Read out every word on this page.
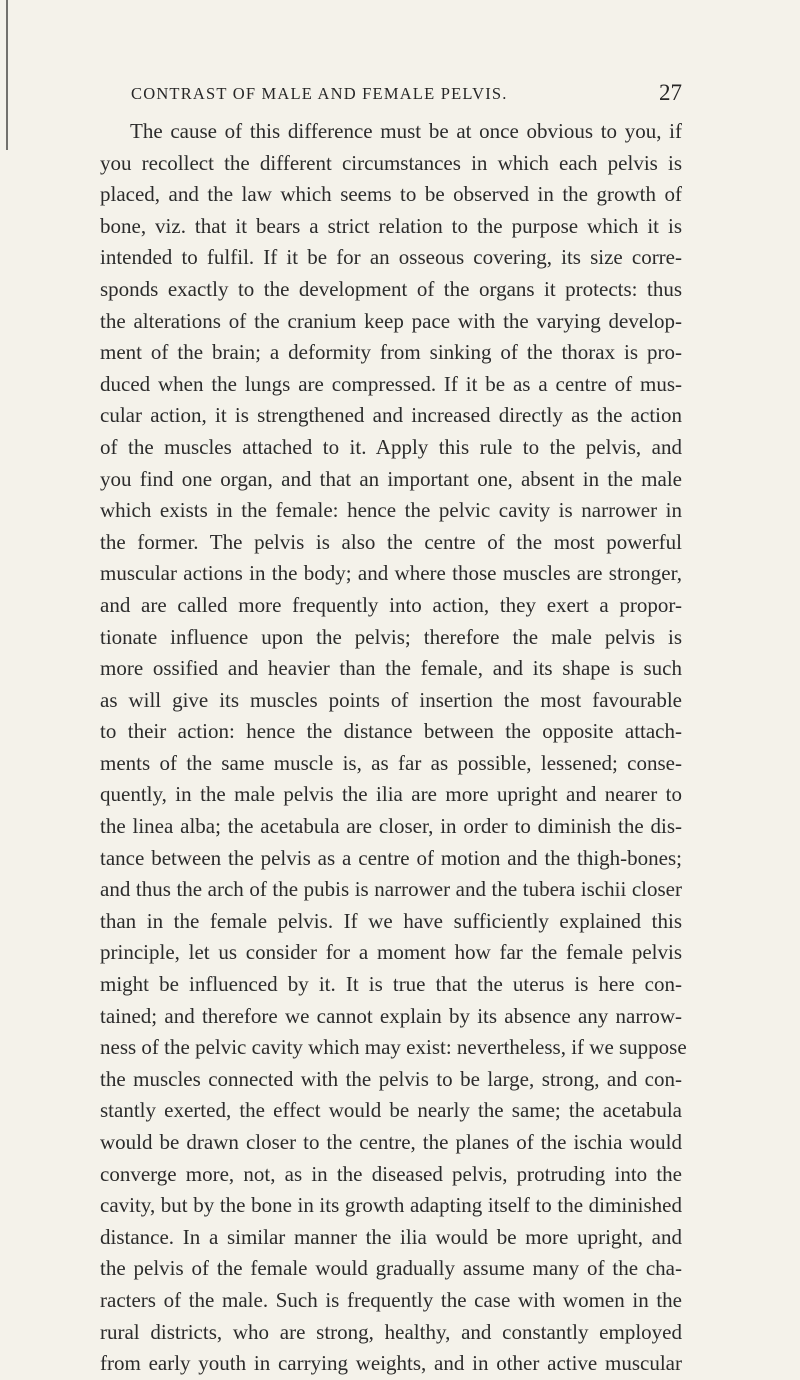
CONTRAST OF MALE AND FEMALE PELVIS.	27
The cause of this difference must be at once obvious to you, if
you recollect the different circumstances in which each pelvis is
placed, and the law which seems to be observed in the growth of
bone, viz. that it bears a strict relation to the purpose which it is
intended to fulfil. If it be for an osseous covering, its size corre-
sponds exactly to the development of the organs it protects: thus
the alterations of the cranium keep pace with the varying develop-
ment of the brain; a deformity from sinking of the thorax is pro-
duced when the lungs are compressed. If it be as a centre of mus-
cular action, it is strengthened and increased directly as the action
of the muscles attached to it. Apply this rule to the pelvis, and
you find one organ, and that an important one, absent in the male
which exists in the female: hence the pelvic cavity is narrower in
the former. The pelvis is also the centre of the most powerful
muscular actions in the body; and where those muscles are stronger,
and are called more frequently into action, they exert a propor-
tionate influence upon the pelvis; therefore the male pelvis is
more ossified and heavier than the female, and its shape is such
as will give its muscles points of insertion the most favourable
to their action: hence the distance between the opposite attach-
ments of the same muscle is, as far as possible, lessened; conse-
quently, in the male pelvis the ilia are more upright and nearer to
the linea alba; the acetabula are closer, in order to diminish the dis-
tance between the pelvis as a centre of motion and the thigh-bones;
and thus the arch of the pubis is narrower and the tubera ischii closer
than in the female pelvis. If we have sufficiently explained this
principle, let us consider for a moment how far the female pelvis
might be influenced by it. It is true that the uterus is here con-
tained; and therefore we cannot explain by its absence any narrow-
ness of the pelvic cavity which may exist: nevertheless, if we suppose
the muscles connected with the pelvis to be large, strong, and con-
stantly exerted, the effect would be nearly the same; the acetabula
would be drawn closer to the centre, the planes of the ischia would
converge more, not, as in the diseased pelvis, protruding into the
cavity, but by the bone in its growth adapting itself to the diminished
distance. In a similar manner the ilia would be more upright, and
the pelvis of the female would gradually assume many of the cha-
racters of the male. Such is frequently the case with women in the
rural districts, who are strong, healthy, and constantly employed
from early youth in carrying weights, and in other active muscular
